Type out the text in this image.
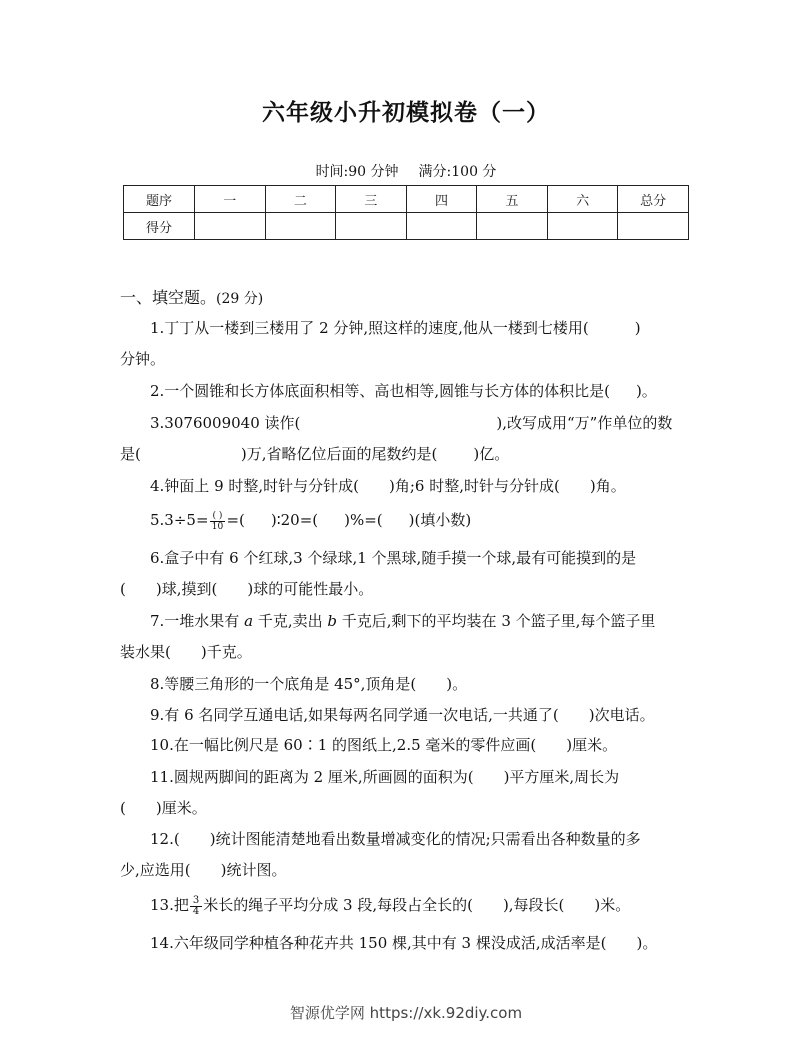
六年级小升初模拟卷（一）
时间:90 分钟 满分:100 分
题序	一	二	三	四	五	六	总分
得分							
一、填空题。(29 分)
1.丁丁从一楼到三楼用了 2 分钟,照这样的速度,他从一楼到七楼用(	)
分钟。
2.一个圆锥和长方体底面积相等、高也相等,圆锥与长方体的体积比是( )。
3.3076009040 读作(	),改写成用“万”作单位的数
是(	)万,省略亿位后面的尾数约是( )亿。
4.钟面上 9 时整,时针与分针成( )角;6 时整,时针与分针成( )角。
$5.3\div 5= \frac{( )}{10}$ =( )∶20=( )%=( )(填小数)
6.盒子中有 6 个红球,3 个绿球,1 个黑球,随手摸一个球,最有可能摸到的是
( )球,摸到( )球的可能性最小。
7.一堆水果有 a 千克,卖出 b 千克后,剩下的平均装在 3 个篮子里,每个篮子里
装水果( )千克。
8.等腰三角形的一个底角是 45°,顶角是( )。
9.有 6 名同学互通电话,如果每两名同学通一次电话,一共通了( )次电话。
10.在一幅比例尺是 60∶1 的图纸上,2.5 毫米的零件应画( )厘米。
11.圆规两脚间的距离为 2 厘米,所画圆的面积为( )平方厘米,周长为
( )厘米。
12.( )统计图能清楚地看出数量增减变化的情况;只需看出各种数量的多
少,应选用( )统计图。
13.把 $\frac{3}{4}$ 米长的绳子平均分成 3 段,每段占全长的( ),每段长( )米。
14.六年级同学种植各种花卉共 150 棵,其中有 3 棵没成活,成活率是( )。
智源优学网 https://xk.92diy.com
